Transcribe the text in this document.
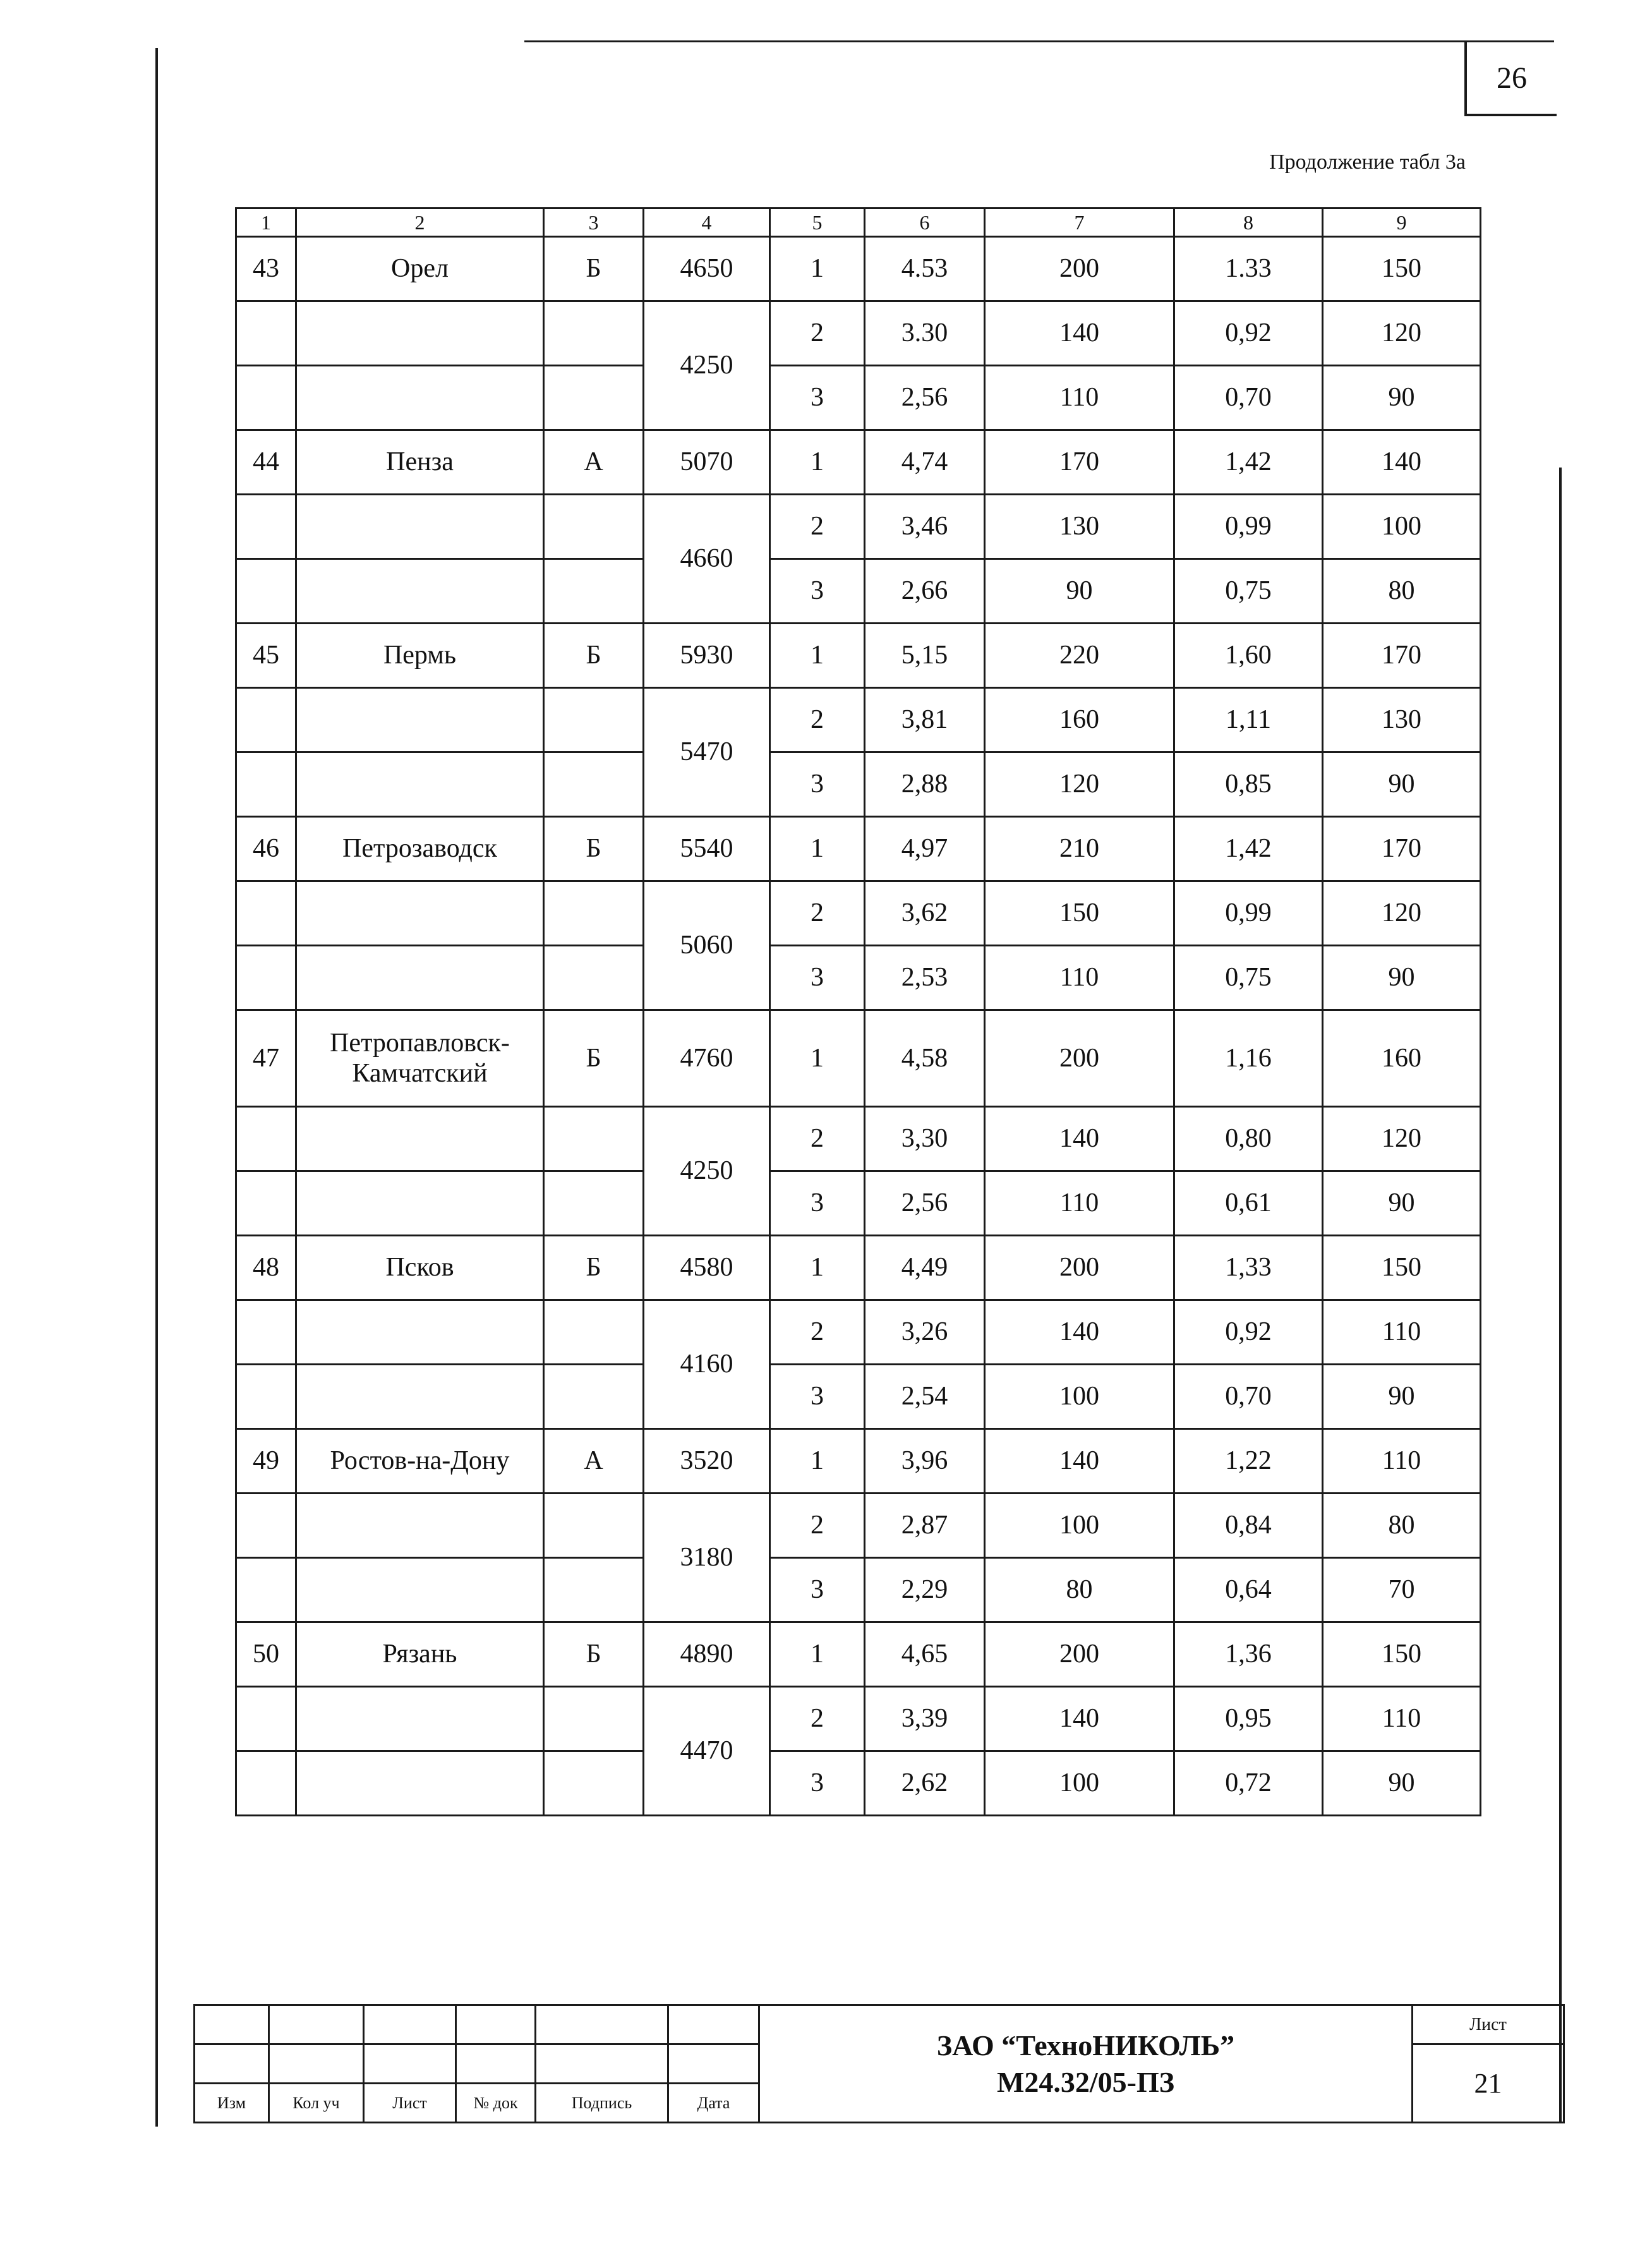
26
Продолжение табл 3а
1	2	3	4	5	6	7	8	9
43	Орел	Б	4650	1	4.53	200	1.33	150
			4250	2	3.30	140	0,92	120
				3	2,56	110	0,70	90
44	Пенза	А	5070	1	4,74	170	1,42	140
			4660	2	3,46	130	0,99	100
				3	2,66	90	0,75	80
45	Пермь	Б	5930	1	5,15	220	1,60	170
			5470	2	3,81	160	1,11	130
				3	2,88	120	0,85	90
46	Петрозаводск	Б	5540	1	4,97	210	1,42	170
			5060	2	3,62	150	0,99	120
				3	2,53	110	0,75	90
47	Петропавловск-Камчатский	Б	4760	1	4,58	200	1,16	160
			4250	2	3,30	140	0,80	120
				3	2,56	110	0,61	90
48	Псков	Б	4580	1	4,49	200	1,33	150
			4160	2	3,26	140	0,92	110
				3	2,54	100	0,70	90
49	Ростов-на-Дону	А	3520	1	3,96	140	1,22	110
			3180	2	2,87	100	0,84	80
				3	2,29	80	0,64	70
50	Рязань	Б	4890	1	4,65	200	1,36	150
			4470	2	3,39	140	0,95	110
				3	2,62	100	0,72	90

						ЗАО “ТехноНИКОЛЬ”
М24.32/05-ПЗ	Лист
							21
Изм	Кол уч	Лист	№ док	Подпись	Дата		
